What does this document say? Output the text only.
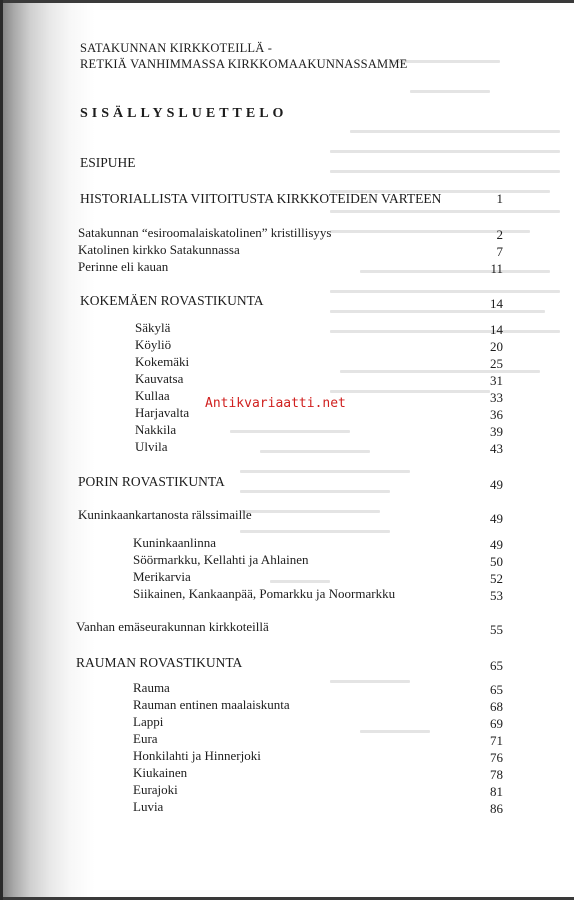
SATAKUNNAN KIRKKOTEILLÄ -
RETKIÄ VANHIMMASSA KIRKKOMAAKUNNASSAMME
SISÄLLYSLUETTELO
ESIPUHE
HISTORIALLISTA VIITOITUSTA KIRKKOTEIDEN VARTEEN	1
Satakunnan “esiroomalaiskatolinen” kristillisyys	2
Katolinen kirkko Satakunnassa	7
Perinne eli kauan	11
KOKEMÄEN ROVASTIKUNTA	14
Säkylä	14
Köyliö	20
Kokemäki	25
Kauvatsa	31
Kullaa	33
Harjavalta	36
Nakkila	39
Ulvila	43
Antikvariaatti.net
PORIN ROVASTIKUNTA	49
Kuninkaankartanosta rälssimaille	49
Kuninkaanlinna	49
Söörmarkku, Kellahti ja Ahlainen	50
Merikarvia	52
Siikainen, Kankaanpää, Pomarkku ja Noormarkku	53
Vanhan emäseurakunnan kirkkoteillä	55
RAUMAN ROVASTIKUNTA	65
Rauma	65
Rauman entinen maalaiskunta	68
Lappi	69
Eura	71
Honkilahti ja Hinnerjoki	76
Kiukainen	78
Eurajoki	81
Luvia	86
